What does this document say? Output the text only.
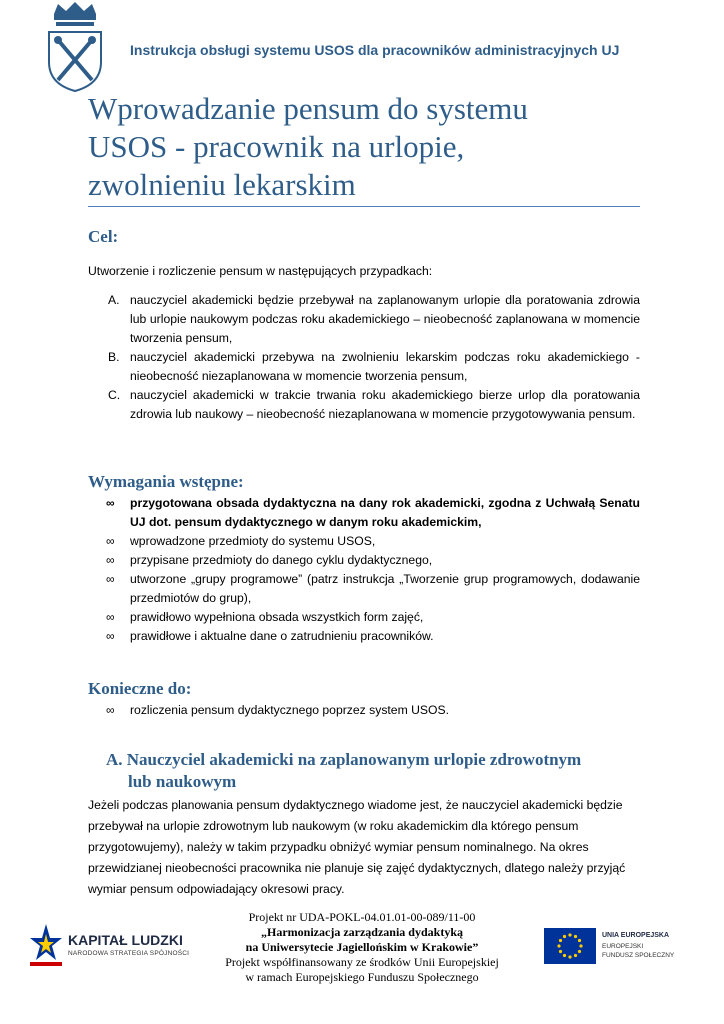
Instrukcja obsługi systemu USOS dla pracowników administracyjnych UJ
Wprowadzanie pensum do systemu
USOS - pracownik na urlopie,
zwolnieniu lekarskim
Cel:
Utworzenie i rozliczenie pensum w następujących przypadkach:
A. nauczyciel akademicki będzie przebywał na zaplanowanym urlopie dla poratowania zdrowia lub urlopie naukowym podczas roku akademickiego – nieobecność zaplanowana w momencie tworzenia pensum,
B. nauczyciel akademicki przebywa na zwolnieniu lekarskim podczas roku akademickiego - nieobecność niezaplanowana w momencie tworzenia pensum,
C. nauczyciel akademicki w trakcie trwania roku akademickiego bierze urlop dla poratowania zdrowia lub naukowy – nieobecność niezaplanowana w momencie przygotowywania pensum.
Wymagania wstępne:
∞ przygotowana obsada dydaktyczna na dany rok akademicki, zgodna z Uchwałą Senatu UJ dot. pensum dydaktycznego w danym roku akademickim,
∞ wprowadzone przedmioty do systemu USOS,
∞ przypisane przedmioty do danego cyklu dydaktycznego,
∞ utworzone „grupy programowe” (patrz instrukcja „Tworzenie grup programowych, dodawanie przedmiotów do grup),
∞ prawidłowo wypełniona obsada wszystkich form zajęć,
∞ prawidłowe i aktualne dane o zatrudnieniu pracowników.
Konieczne do:
∞ rozliczenia pensum dydaktycznego poprzez system USOS.
A. Nauczyciel akademicki na zaplanowanym urlopie zdrowotnym
lub naukowym
Jeżeli podczas planowania pensum dydaktycznego wiadome jest, że nauczyciel akademicki będzie przebywał na urlopie zdrowotnym lub naukowym (w roku akademickim dla którego pensum przygotowujemy), należy w takim przypadku obniżyć wymiar pensum nominalnego. Na okres przewidzianej nieobecności pracownika nie planuje się zajęć dydaktycznych, dlatego należy przyjąć wymiar pensum odpowiadający okresowi pracy.
KAPITAŁ LUDZKI
NARODOWA STRATEGIA SPÓJNOŚCI
Projekt nr UDA-POKL-04.01.01-00-089/11-00
„Harmonizacja zarządzania dydaktyką
na Uniwersytecie Jagiellońskim w Krakowie”
Projekt współfinansowany ze środków Unii Europejskiej
w ramach Europejskiego Funduszu Społecznego
UNIA EUROPEJSKA
EUROPEJSKI
FUNDUSZ SPOŁECZNY
